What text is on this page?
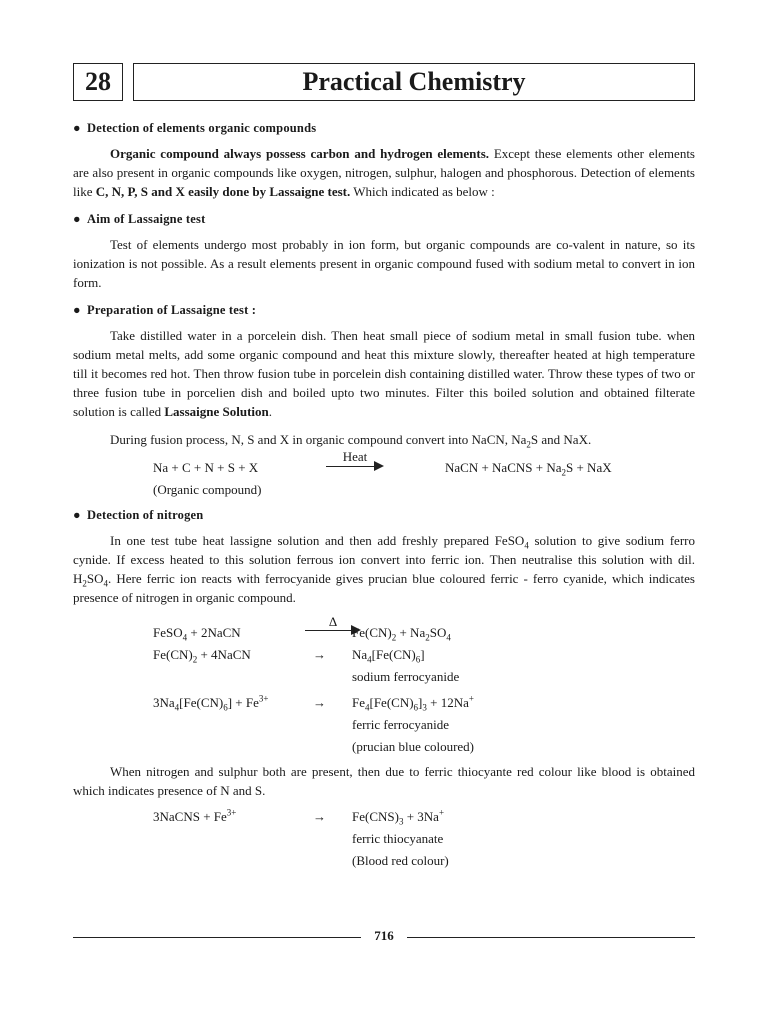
28	Practical Chemistry
● Detection of elements organic compounds

Organic compound always possess carbon and hydrogen elements. Except these elements other elements are also present in organic compounds like oxygen, nitrogen, sulphur, halogen and phosphorous. Detection of elements like C, N, P, S and X easily done by Lassaigne test. Which indicated as below :

● Aim of Lassaigne test

Test of elements undergo most probably in ion form, but organic compounds are co-valent in nature, so its ionization is not possible. As a result elements present in organic compound fused with sodium metal to convert in ion form.

● Preparation of Lassaigne test :

Take distilled water in a porcelein dish. Then heat small piece of sodium metal in small fusion tube. when sodium metal melts, add some organic compound and heat this mixture slowly, thereafter heated at high temperature till it becomes red hot. Then throw fusion tube in porcelein dish containing distilled water. Throw these types of two or three fusion tube in porcelien dish and boiled upto two minutes. Filter this boiled solution and obtained filterate solution is called Lassaigne Solution.

During fusion process, N, S and X in organic compound convert into NaCN, $Na_2S$ and NaX.

Na + C + N + S + X
Heat
NaCN + NaCNS + $Na_2S$ + NaX
(Organic compound)
● Detection of nitrogen

In one test tube heat lassigne solution and then add freshly prepared FeSO$_4$ solution to give sodium ferro cynide. If excess heated to this solution ferrous ion convert into ferric ion. Then neutralise this solution with dil. $H_2SO_4$. Here ferric ion reacts with ferrocyanide gives prucian blue coloured ferric - ferro cyanide, which indicates presence of nitrogen in organic compound.

FeSO$_4$ + 2NaCN
Δ
$Fe(CN)_2 + Na_2SO_4$
$Fe(CN)_2$ + 4NaCN	→ $Na_4[Fe(CN)_6]$
sodium ferrocyanide
$3Na_4[Fe(CN)_6] + Fe^{3+}$	→ $Fe_4[Fe(CN)_6]_3 + 12Na^+$
ferric ferrocyanide
(prucian blue coloured)

When nitrogen and sulphur both are present, then due to ferric thiocyante red colour like blood is obtained which indicates presence of N and S.

3NaCNS + $Fe^{3+}$	→ $Fe(CNS)_3 + 3Na^+$
ferric thiocyanate
(Blood red colour)
716
